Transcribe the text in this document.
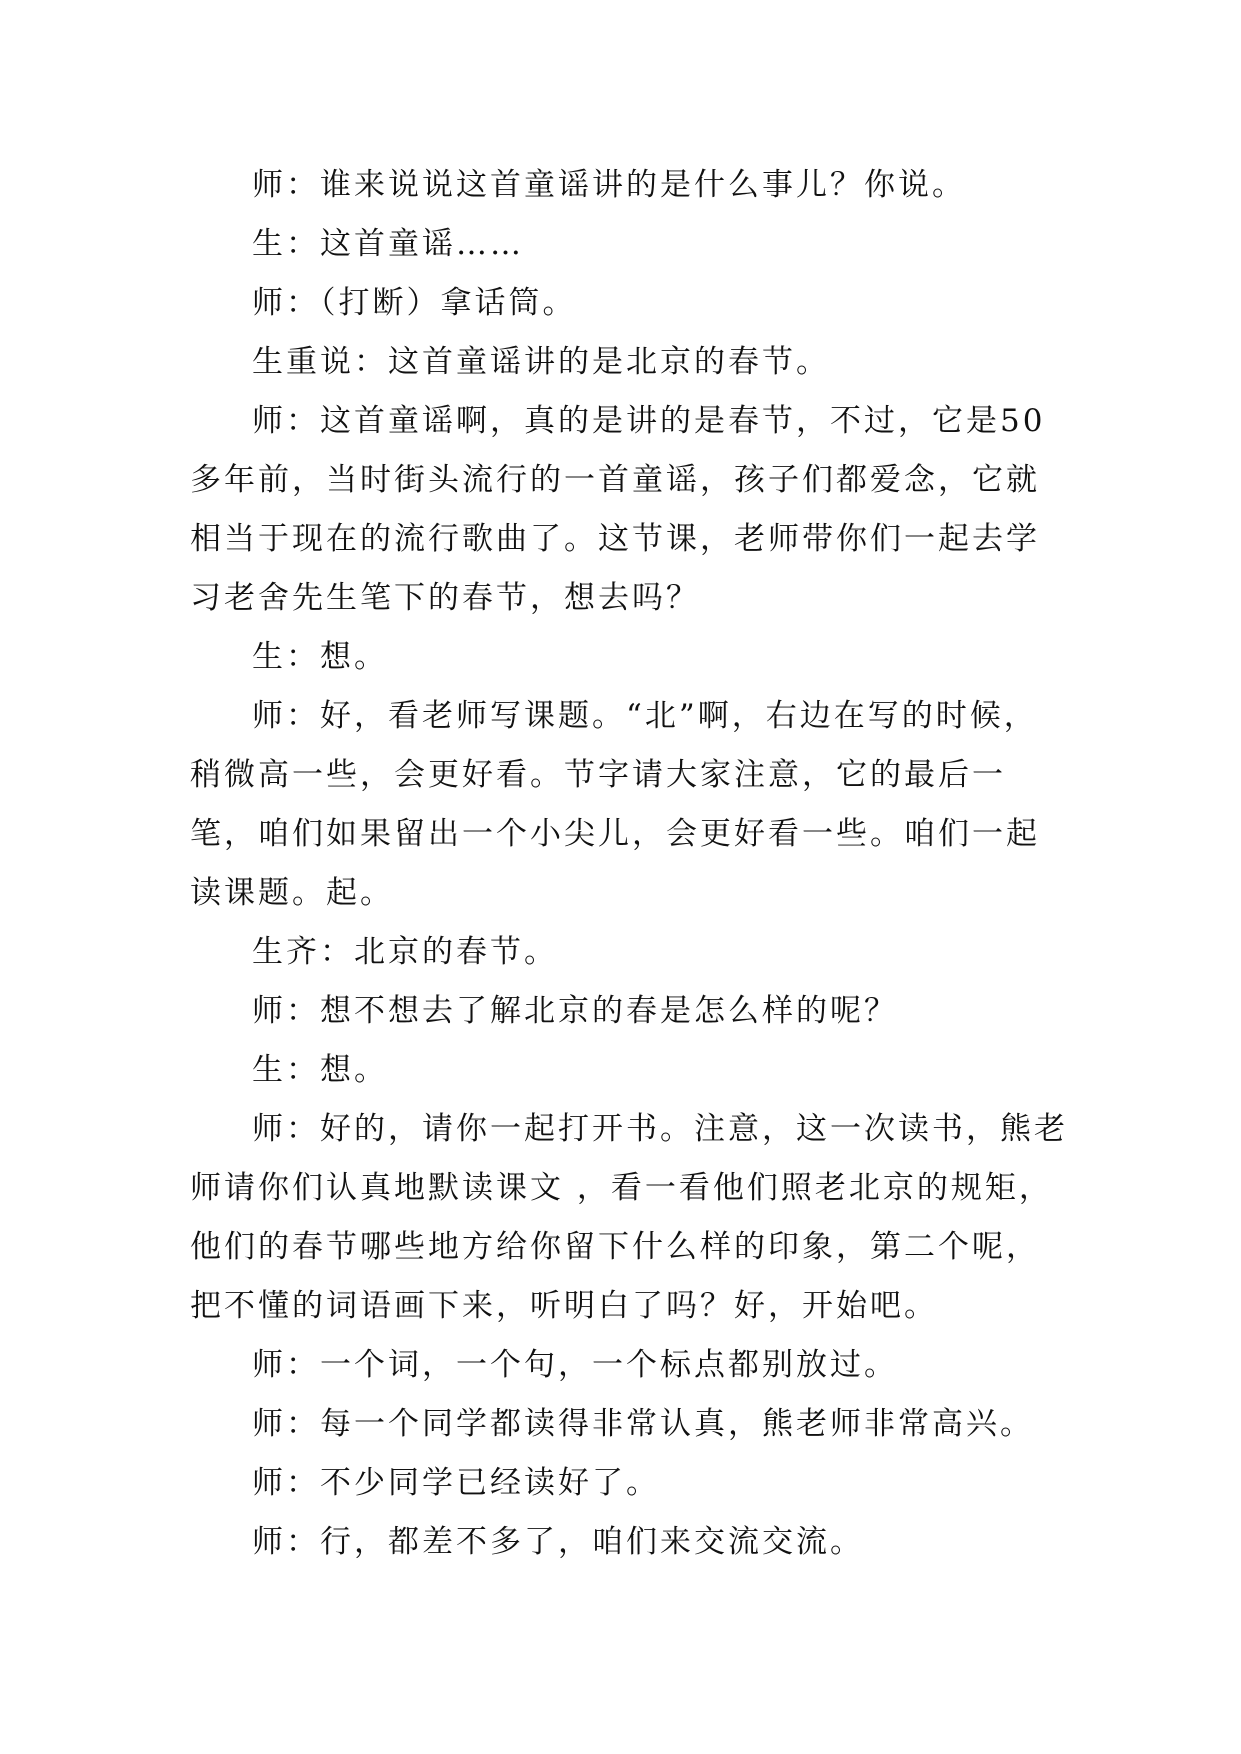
师：谁来说说这首童谣讲的是什么事儿？你说。

生：这首童谣……

师：（打断）拿话筒。

生重说：这首童谣讲的是北京的春节。

师：这首童谣啊，真的是讲的是春节，不过，它是50多年前，当时街头流行的一首童谣，孩子们都爱念，它就相当于现在的流行歌曲了。这节课，老师带你们一起去学习老舍先生笔下的春节，想去吗？

生：想。

师：好，看老师写课题。“北”啊，右边在写的时候，稍微高一些，会更好看。节字请大家注意，它的最后一笔，咱们如果留出一个小尖儿，会更好看一些。咱们一起读课题。起。

生齐：北京的春节。

师：想不想去了解北京的春是怎么样的呢？

生：想。

师：好的，请你一起打开书。注意，这一次读书，熊老师请你们认真地默读课文 ，看一看他们照老北京的规矩，他们的春节哪些地方给你留下什么样的印象，第二个呢，把不懂的词语画下来，听明白了吗？好，开始吧。

师：一个词，一个句，一个标点都别放过。

师：每一个同学都读得非常认真，熊老师非常高兴。

师：不少同学已经读好了。

师：行，都差不多了，咱们来交流交流。
